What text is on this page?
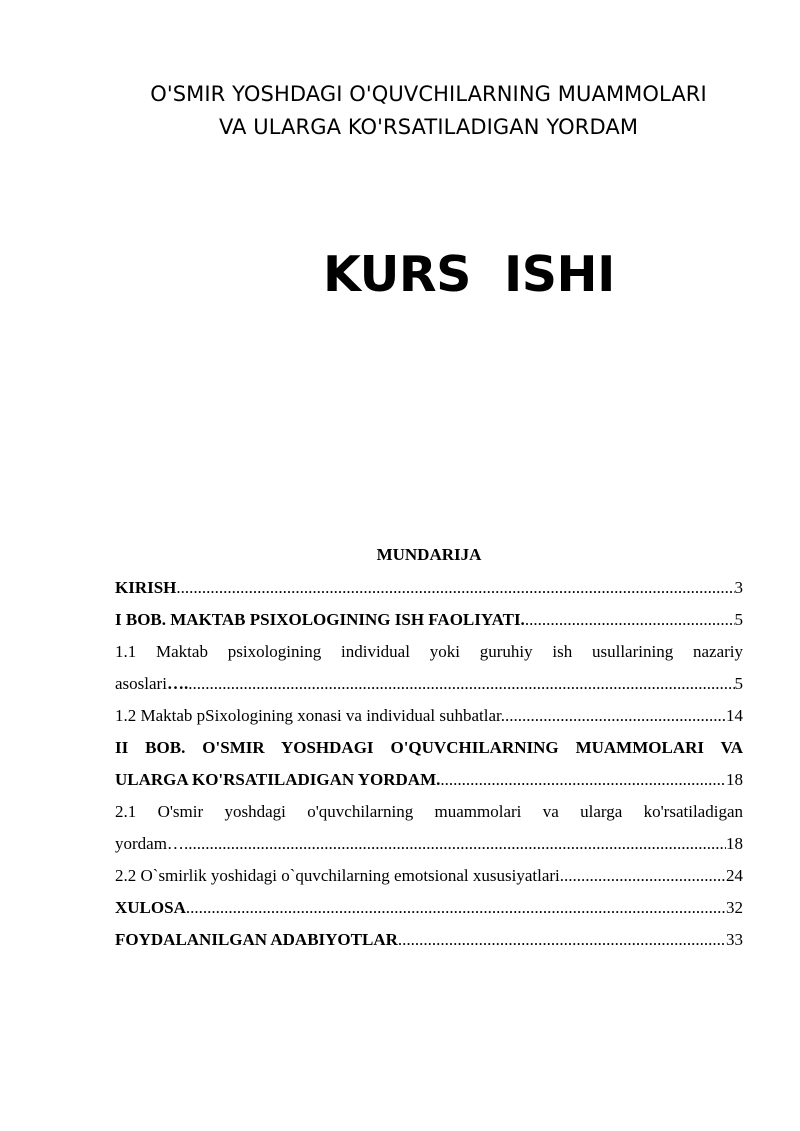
O'SMIR YOSHDAGI O'QUVCHILARNING MUAMMOLARI
VA ULARGA KO'RSATILADIGAN YORDAM
KURS  ISHI
MUNDARIJA
KIRISH .....	3
I BOB. MAKTAB PSIXOLOGINING ISH FAOLIYATI. .....	5
1.1 Maktab psixologining individual yoki guruhiy ish usullarining nazariy
asoslari …. .....	5
1.2 Maktab pSixologining xonasi va individual suhbatlar. .....	14
II BOB. O'SMIR YOSHDAGI O'QUVCHILARNING MUAMMOLARI VA
ULARGA KO'RSATILADIGAN YORDAM. .....	18
2.1 O'smir yoshdagi o'quvchilarning muammolari va ularga ko'rsatiladigan
yordam… .....	18
2.2 O`smirlik yoshidagi o`quvchilarning emotsional xususiyatlari. .....	24
XULOSA .....	32
FOYDALANILGAN ADABIYOTLAR .....	33
